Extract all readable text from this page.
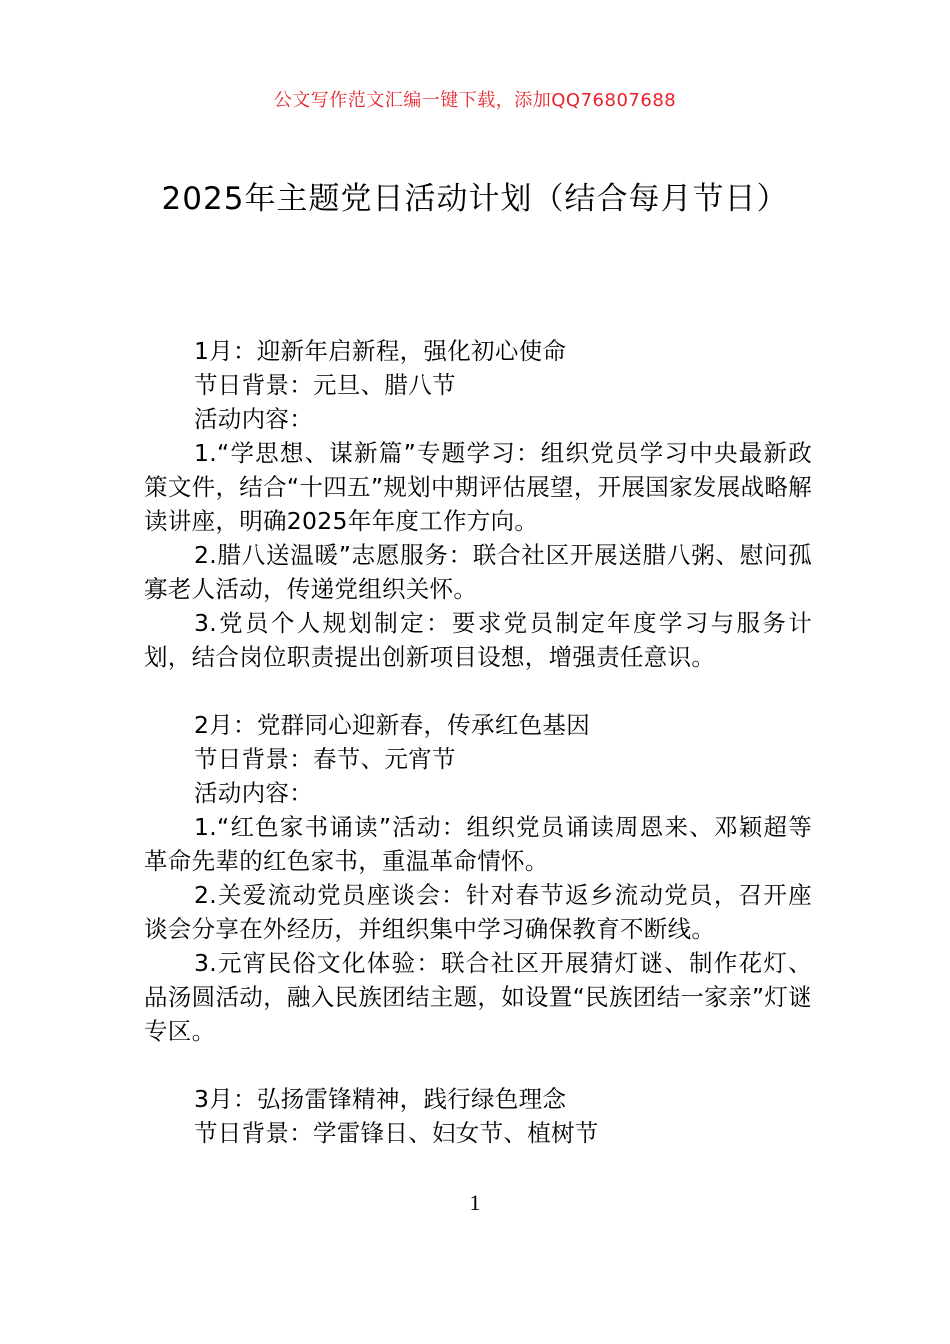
公文写作范文汇编一键下载，添加QQ76807688
2025年主题党日活动计划（结合每月节日）

1月：迎新年启新程，强化初心使命

节日背景：元旦、腊八节

活动内容：

1.“学思想、谋新篇”专题学习：组织党员学习中央最新政策文件，结合“十四五”规划中期评估展望，开展国家发展战略解读讲座，明确2025年年度工作方向。

2.腊八送温暖”志愿服务：联合社区开展送腊八粥、慰问孤寡老人活动，传递党组织关怀。

3.党员个人规划制定：要求党员制定年度学习与服务计划，结合岗位职责提出创新项目设想，增强责任意识。

2月：党群同心迎新春，传承红色基因

节日背景：春节、元宵节

活动内容：

1.“红色家书诵读”活动：组织党员诵读周恩来、邓颖超等革命先辈的红色家书，重温革命情怀。

2.关爱流动党员座谈会：针对春节返乡流动党员，召开座谈会分享在外经历，并组织集中学习确保教育不断线。

3.元宵民俗文化体验：联合社区开展猜灯谜、制作花灯、品汤圆活动，融入民族团结主题，如设置“民族团结一家亲”灯谜专区。

3月：弘扬雷锋精神，践行绿色理念

节日背景：学雷锋日、妇女节、植树节

1
